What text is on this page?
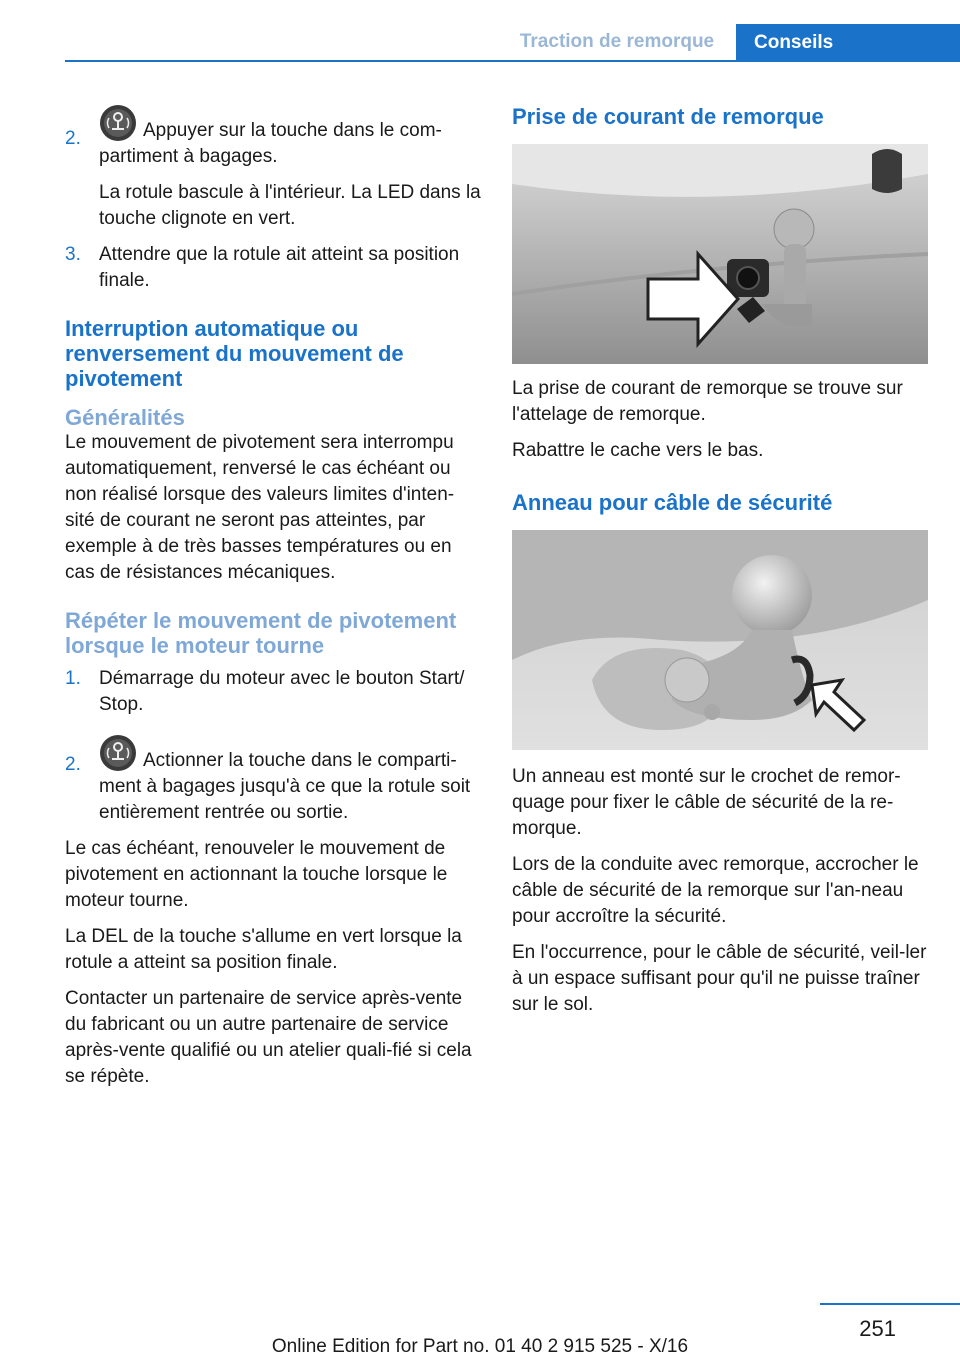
Traction de remorque	Conseils
2.	Appuyer sur la touche dans le com‐
partiment à bagages.

La rotule bascule à l'intérieur. La LED dans la touche clignote en vert.

3. Attendre que la rotule ait atteint sa position finale.

Interruption automatique ou renversement du mouvement de pivotement

Généralités

Le mouvement de pivotement sera interrompu automatiquement, renversé le cas échéant ou non réalisé lorsque des valeurs limites d'inten‐sité de courant ne seront pas atteintes, par exemple à de très basses températures ou en cas de résistances mécaniques.

Répéter le mouvement de pivotement lorsque le moteur tourne

1. Démarrage du moteur avec le bouton Start/ Stop.

2.	Actionner la touche dans le comparti‐ ment à bagages jusqu'à ce que la rotule soit entièrement rentrée ou sortie.

Le cas échéant, renouveler le mouvement de pivotement en actionnant la touche lorsque le moteur tourne.

La DEL de la touche s'allume en vert lorsque la rotule a atteint sa position finale.

Contacter un partenaire de service après-vente du fabricant ou un autre partenaire de service après-vente qualifié ou un atelier quali‐fié si cela se répète.

Prise de courant de remorque

La prise de courant de remorque se trouve sur l'attelage de remorque.

Rabattre le cache vers le bas.

Anneau pour câble de sécurité

Un anneau est monté sur le crochet de remor‐quage pour fixer le câble de sécurité de la re‐morque.

Lors de la conduite avec remorque, accrocher le câble de sécurité de la remorque sur l'an‐neau pour accroître la sécurité.

En l'occurrence, pour le câble de sécurité, veil‐ler à un espace suffisant pour qu'il ne puisse traîner sur le sol.

251
Online Edition for Part no. 01 40 2 915 525 - X/16
